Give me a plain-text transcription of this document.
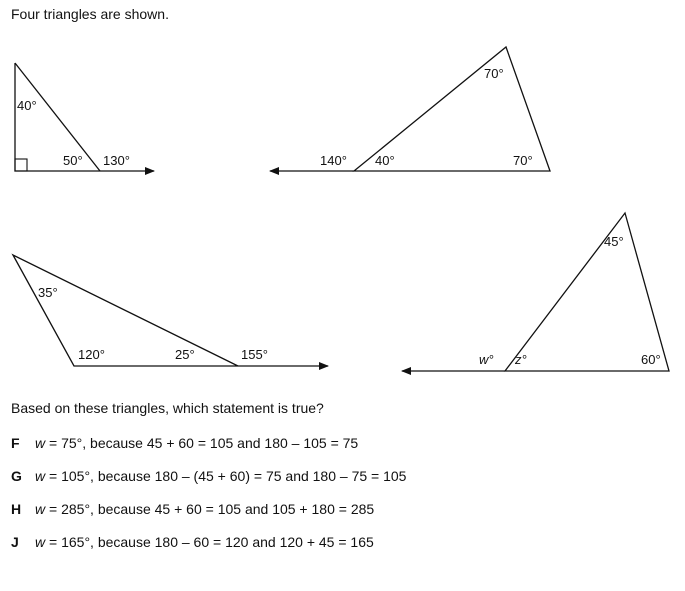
Four triangles are shown.
40°
50° 130°
70°
140° 40°	70°
35°
120°	25°	155°
45°
w° z°	60°
Based on these triangles, which statement is true?
F w = 75°, because 45 + 60 = 105 and 180 – 105 = 75
G w = 105°, because 180 – (45 + 60) = 75 and 180 – 75 = 105
H w = 285°, because 45 + 60 = 105 and 105 + 180 = 285
J w = 165°, because 180 – 60 = 120 and 120 + 45 = 165
